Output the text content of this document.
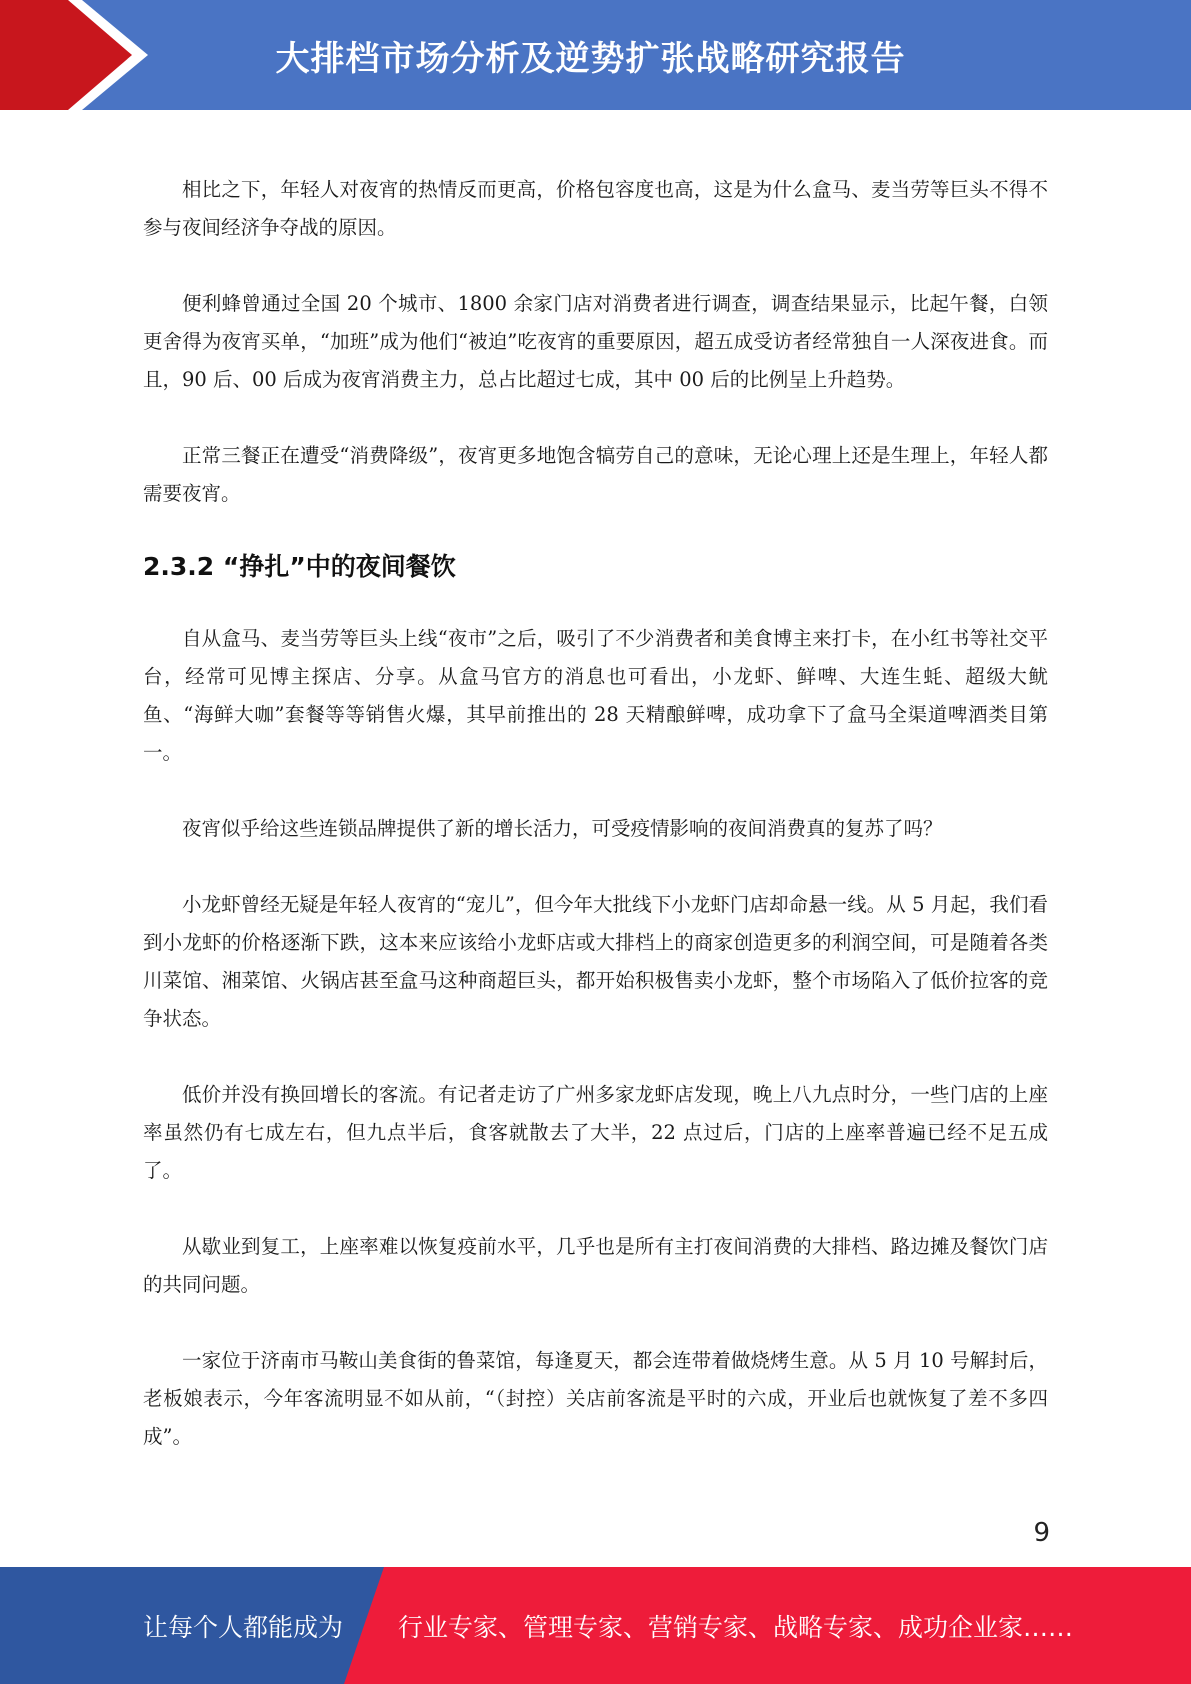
大排档市场分析及逆势扩张战略研究报告

相比之下，年轻人对夜宵的热情反而更高，价格包容度也高，这是为什么盒马、麦当劳等巨头不得不参与夜间经济争夺战的原因。

便利蜂曾通过全国 20 个城市、1800 余家门店对消费者进行调查，调查结果显示，比起午餐，白领更舍得为夜宵买单，“加班”成为他们“被迫”吃夜宵的重要原因，超五成受访者经常独自一人深夜进食。而且，90 后、00 后成为夜宵消费主力，总占比超过七成，其中 00 后的比例呈上升趋势。

正常三餐正在遭受“消费降级”，夜宵更多地饱含犒劳自己的意味，无论心理上还是生理上，年轻人都需要夜宵。

2.3.2 “挣扎”中的夜间餐饮

自从盒马、麦当劳等巨头上线“夜市”之后，吸引了不少消费者和美食博主来打卡，在小红书等社交平台，经常可见博主探店、分享。从盒马官方的消息也可看出，小龙虾、鲜啤、大连生蚝、超级大鱿鱼、“海鲜大咖”套餐等等销售火爆，其早前推出的 28 天精酿鲜啤，成功拿下了盒马全渠道啤酒类目第一。

夜宵似乎给这些连锁品牌提供了新的增长活力，可受疫情影响的夜间消费真的复苏了吗？

小龙虾曾经无疑是年轻人夜宵的“宠儿”，但今年大批线下小龙虾门店却命悬一线。从 5 月起，我们看到小龙虾的价格逐渐下跌，这本来应该给小龙虾店或大排档上的商家创造更多的利润空间，可是随着各类川菜馆、湘菜馆、火锅店甚至盒马这种商超巨头，都开始积极售卖小龙虾，整个市场陷入了低价拉客的竞争状态。

低价并没有换回增长的客流。有记者走访了广州多家龙虾店发现，晚上八九点时分，一些门店的上座率虽然仍有七成左右，但九点半后，食客就散去了大半，22 点过后，门店的上座率普遍已经不足五成了。

从歇业到复工，上座率难以恢复疫前水平，几乎也是所有主打夜间消费的大排档、路边摊及餐饮门店的共同问题。

一家位于济南市马鞍山美食街的鲁菜馆，每逢夏天，都会连带着做烧烤生意。从 5 月 10 号解封后，老板娘表示，今年客流明显不如从前，“（封控）关店前客流是平时的六成，开业后也就恢复了差不多四成”。

9
让每个人都能成为 行业专家、管理专家、营销专家、战略专家、成功企业家……
